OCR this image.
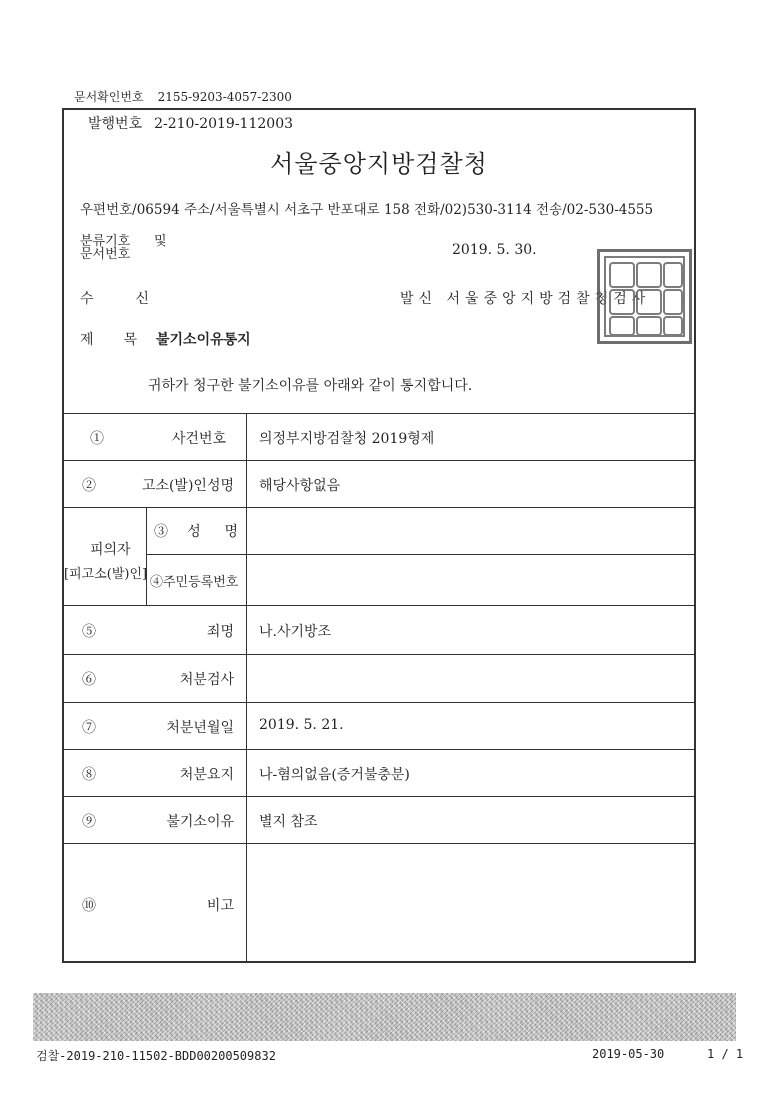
문서확인번호 2155-9203-4057-2300
발행번호 2-210-2019-112003
서울중앙지방검찰청
우편번호/06594 주소/서울특별시 서초구 반포대로 158 전화/02)530-3114 전송/02-530-4555
분류기호	및
문서번호	2019. 5. 30.
수신	발신 서울중앙지방검찰청검사
제목
불기소이유통지
귀하가 청구한 불기소이유를 아래와 같이 통지합니다.
①사건번호 의정부지방검찰청 2019형제
②고소(발)인성명 해당사항없음
피의자
[피고소(발)인]
③성 명
④주민등록번호
⑤죄명 나.사기방조
⑥처분검사
⑦처분년월일 2019. 5. 21.
⑧처분요지 나-혐의없음(증거불충분)
⑨불기소이유 별지 참조
⑩비고
검찰-2019-210-11502-BDD00200509832	2019-05-30	1 / 1
